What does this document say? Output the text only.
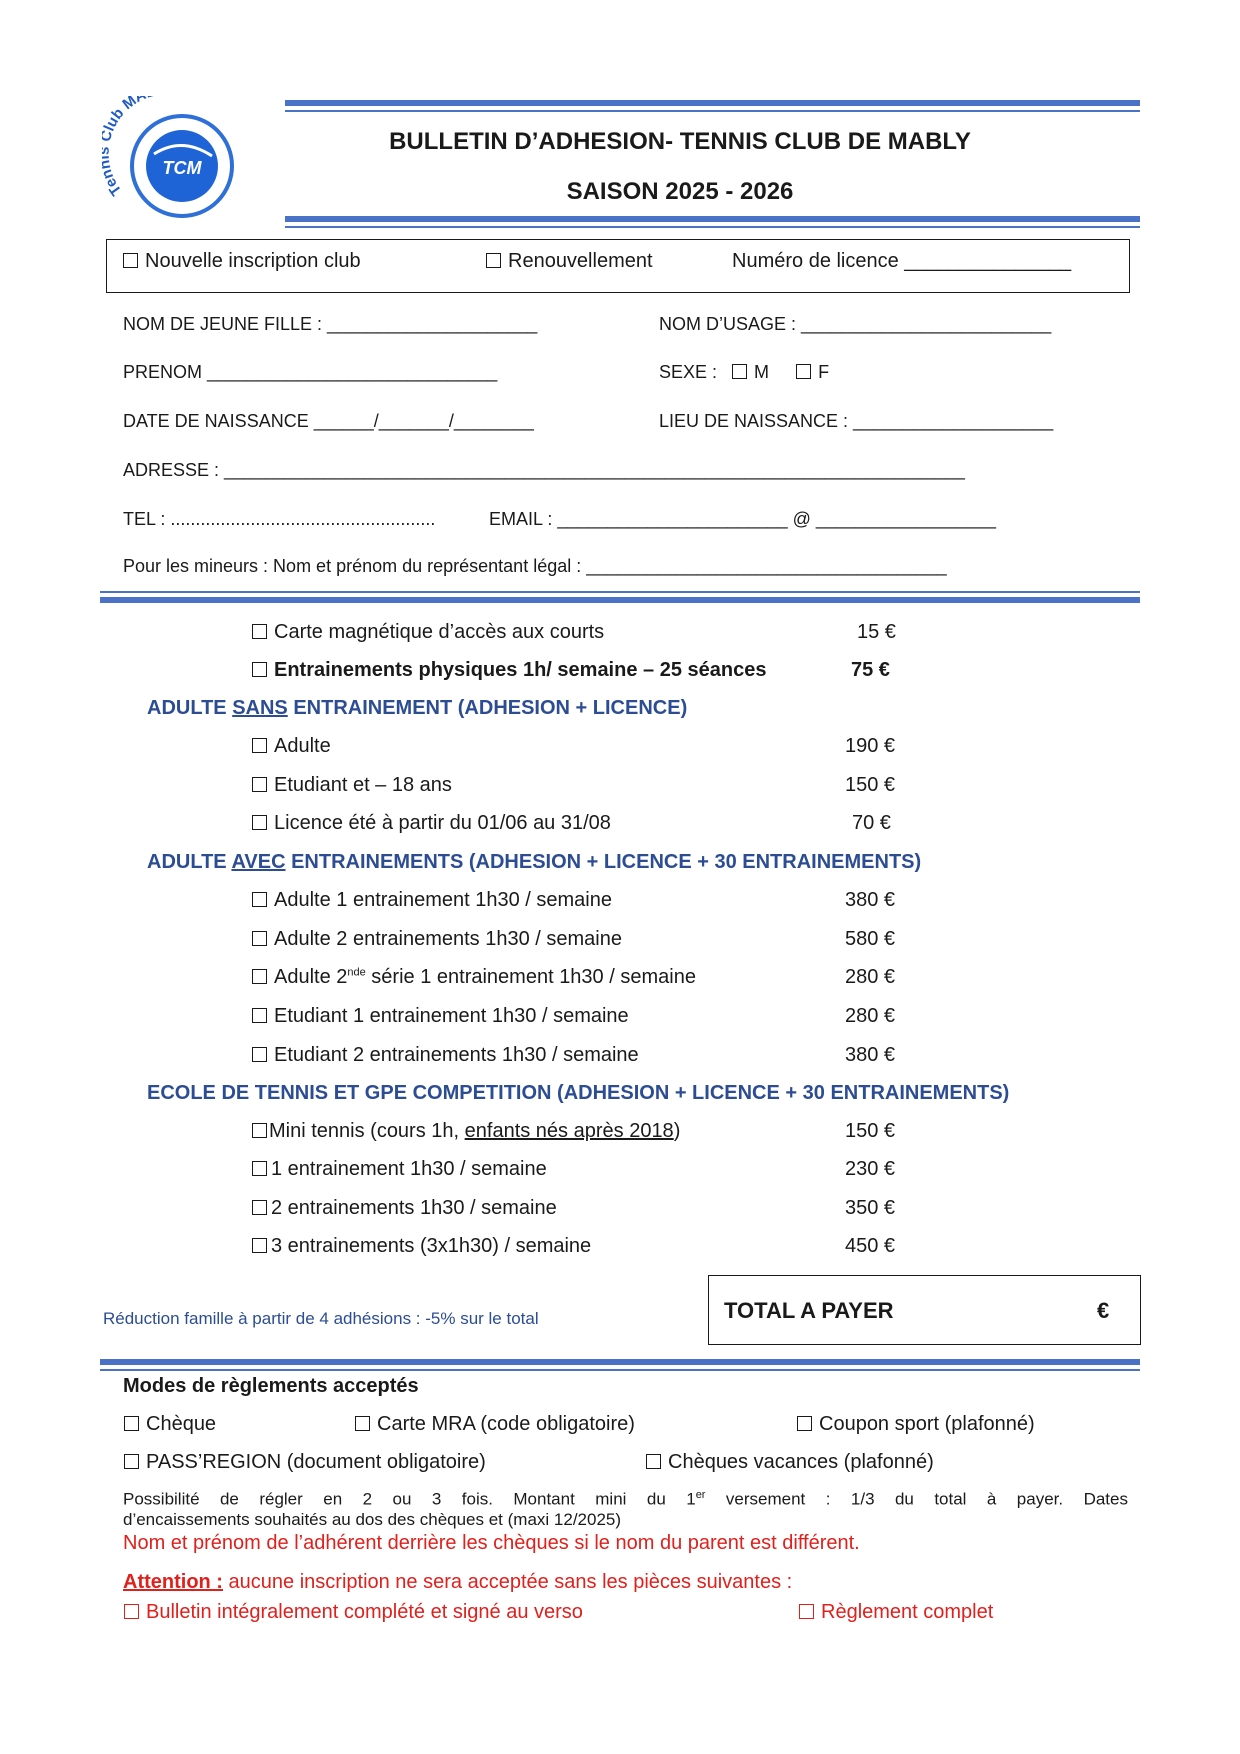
TCM
Te lub MA
BULLETIN D’ADHESION- TENNIS CLUB DE MABLY
SAISON 2025 - 2026
Nouvelle inscription club	Renouvellement	Numéro de licence _______________
NOM DE JEUNE FILLE : _____________________	NOM D’USAGE : _________________________
PRENOM _____________________________	SEXE : M	F
DATE DE NAISSANCE ______/_______/________	LIEU DE NAISSANCE : ____________________
ADRESSE : __________________________________________________________________________
TEL : .....................................................	EMAIL : _______________________ @ __________________
Pour les mineurs : Nom et prénom du représentant légal : ____________________________________
Carte magnétique d’accès aux courts	15 €
Entrainements physiques 1h/ semaine – 25 séances	75 €
ADULTE SANS ENTRAINEMENT (ADHESION + LICENCE)
Adulte	190 €
Etudiant et – 18 ans	150 €
Licence été à partir du 01/06 au 31/08	70 €
ADULTE AVEC ENTRAINEMENTS (ADHESION + LICENCE + 30 ENTRAINEMENTS)
Adulte 1 entrainement 1h30 / semaine	380 €
Adulte 2 entrainements 1h30 / semaine	580 €
Adulte 2nde série 1 entrainement 1h30 / semaine	280 €
Etudiant 1 entrainement 1h30 / semaine	280 €
Etudiant 2 entrainements 1h30 / semaine	380 €
ECOLE DE TENNIS ET GPE COMPETITION (ADHESION + LICENCE + 30 ENTRAINEMENTS)
Mini tennis (cours 1h, enfants nés après 2018)	150 €
1 entrainement 1h30 / semaine	230 €
2 entrainements 1h30 / semaine	350 €
3 entrainements (3x1h30) / semaine	450 €
Réduction famille à partir de 4 adhésions : -5% sur le total	TOTAL A PAYER	€
Modes de règlements acceptés
Chèque	Carte MRA (code obligatoire)	Coupon sport (plafonné)
PASS’REGION (document obligatoire)	Chèques vacances (plafonné)
Possibilité de régler en 2 ou 3 fois. Montant mini du 1er versement : 1/3 du total à payer. Dates
d’encaissements souhaités au dos des chèques et (maxi 12/2025)
Nom et prénom de l’adhérent derrière les chèques si le nom du parent est différent.
Attention : aucune inscription ne sera acceptée sans les pièces suivantes :
Bulletin intégralement complété et signé au verso	Règlement complet
